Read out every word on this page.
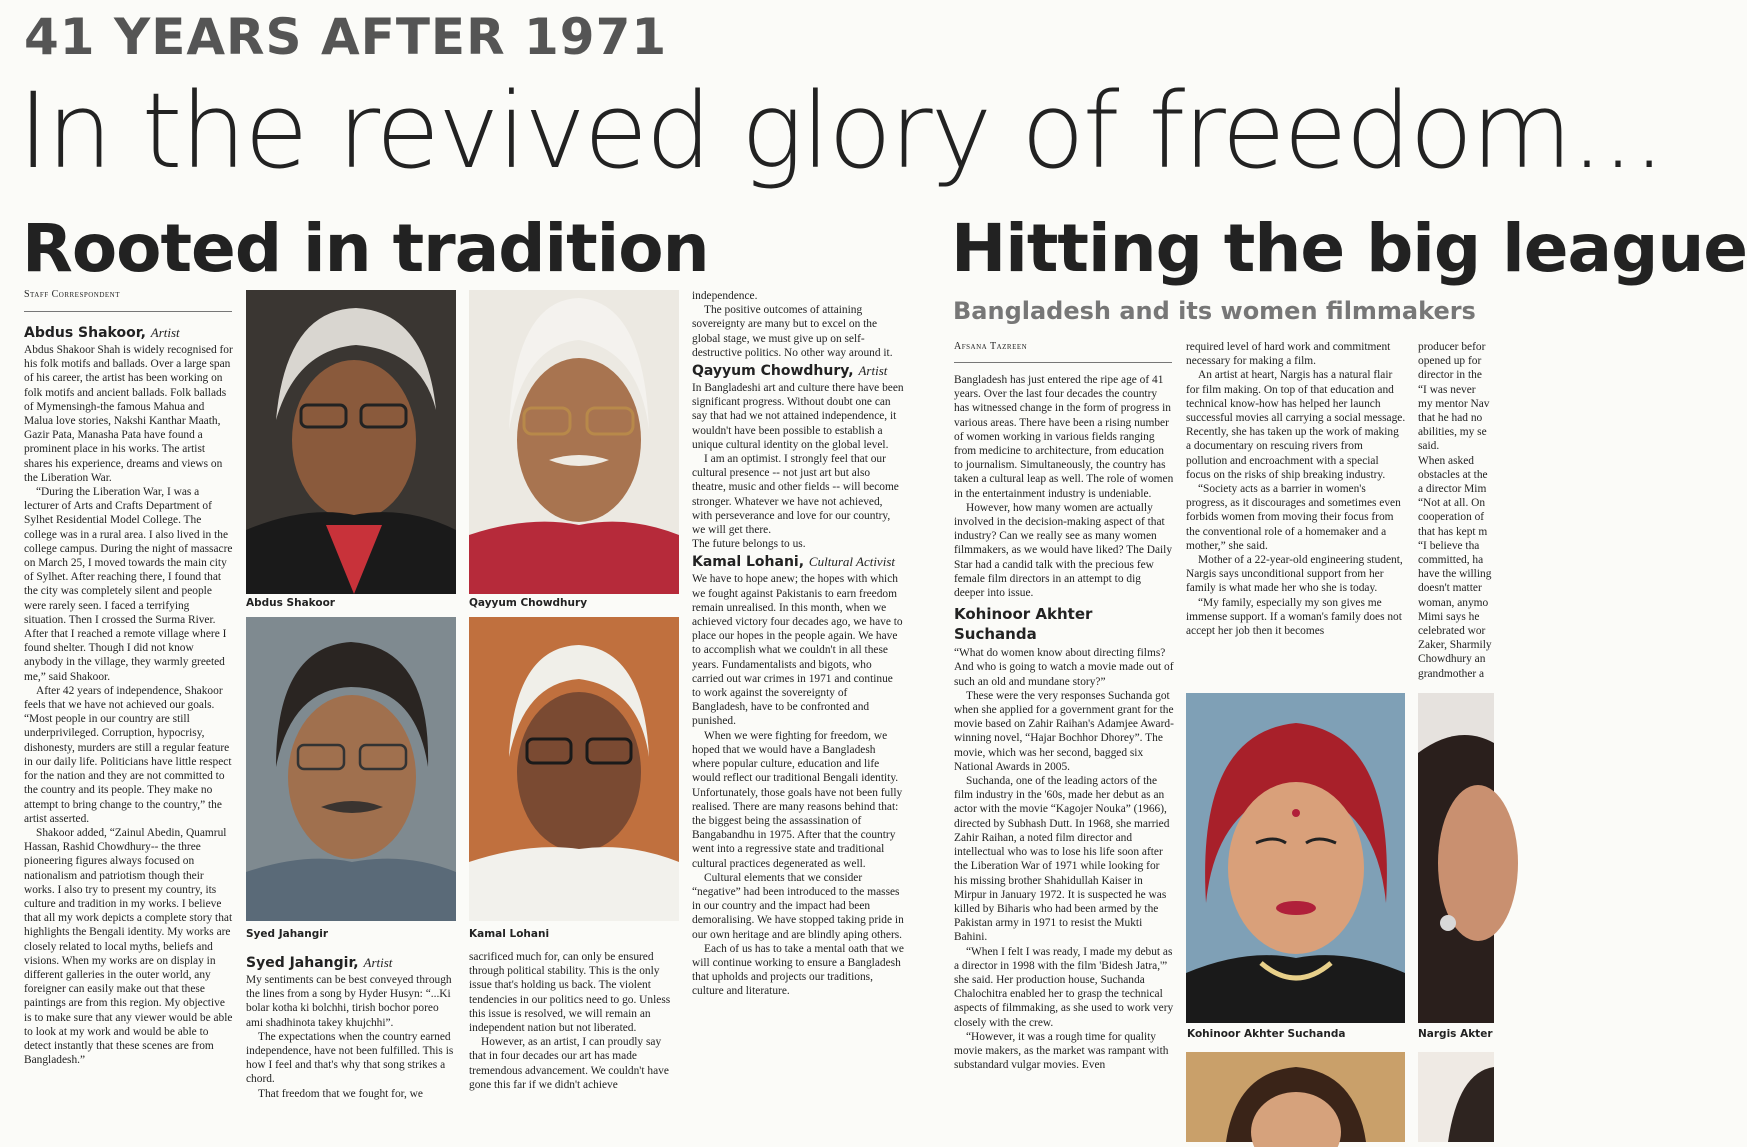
41 YEARS AFTER 1971
In the revived glory of freedom...
Rooted in tradition
Staff Correspondent
Abdus Shakoor, Artist

Abdus Shakoor Shah is widely recognised for his folk motifs and ballads. Over a large span of his career, the artist has been working on folk motifs and ancient ballads. Folk ballads of Mymensingh-the famous Mahua and Malua love stories, Nakshi Kanthar Maath, Gazir Pata, Manasha Pata have found a prominent place in his works. The artist shares his experience, dreams and views on the Liberation War.

“During the Liberation War, I was a lecturer of Arts and Crafts Department of Sylhet Residential Model College. The college was in a rural area. I also lived in the college campus. During the night of massacre on March 25, I moved towards the main city of Sylhet. After reaching there, I found that the city was completely silent and people were rarely seen. I faced a terrifying situation. Then I crossed the Surma River. After that I reached a remote village where I found shelter. Though I did not know anybody in the village, they warmly greeted me,” said Shakoor.

After 42 years of independence, Shakoor feels that we have not achieved our goals. “Most people in our country are still underprivileged. Corruption, hypocrisy, dishonesty, murders are still a regular feature in our daily life. Politicians have little respect for the nation and they are not committed to the country and its people. They make no attempt to bring change to the country,” the artist asserted.

Shakoor added, “Zainul Abedin, Quamrul Hassan, Rashid Chowdhury-- the three pioneering figures always focused on nationalism and patriotism though their works. I also try to present my country, its culture and tradition in my works. I believe that all my work depicts a complete story that highlights the Bengali identity. My works are closely related to local myths, beliefs and visions. When my works are on display in different galleries in the outer world, any foreigner can easily make out that these paintings are from this region. My objective is to make sure that any viewer would be able to look at my work and would be able to detect instantly that these scenes are from Bangladesh.”

Abdus Shakoor	Qayyum Chowdhury
Syed Jahangir	Kamal Lohani
Syed Jahangir, Artist

My sentiments can be best conveyed through the lines from a song by Hyder Husyn: “...Ki bolar kotha ki bolchhi, tirish bochor poreo ami shadhinota takey khujchhi”.

The expectations when the country earned independence, have not been fulfilled. This is how I feel and that's why that song strikes a chord.

That freedom that we fought for, we

sacrificed much for, can only be ensured through political stability. This is the only issue that's holding us back. The violent tendencies in our politics need to go. Unless this issue is resolved, we will remain an independent nation but not liberated.

However, as an artist, I can proudly say that in four decades our art has made tremendous advancement. We couldn't have gone this far if we didn't achieve

independence.

The positive outcomes of attaining sovereignty are many but to excel on the global stage, we must give up on self-destructive politics. No other way around it.

Qayyum Chowdhury, Artist

In Bangladeshi art and culture there have been significant progress. Without doubt one can say that had we not attained independence, it wouldn't have been possible to establish a unique cultural identity on the global level.

I am an optimist. I strongly feel that our cultural presence -- not just art but also theatre, music and other fields -- will become stronger. Whatever we have not achieved, with perseverance and love for our country, we will get there.

The future belongs to us.

Kamal Lohani, Cultural Activist

We have to hope anew; the hopes with which we fought against Pakistanis to earn freedom remain unrealised. In this month, when we achieved victory four decades ago, we have to place our hopes in the people again. We have to accomplish what we couldn't in all these years. Fundamentalists and bigots, who carried out war crimes in 1971 and continue to work against the sovereignty of Bangladesh, have to be confronted and punished.

When we were fighting for freedom, we hoped that we would have a Bangladesh where popular culture, education and life would reflect our traditional Bengali identity. Unfortunately, those goals have not been fully realised. There are many reasons behind that: the biggest being the assassination of Bangabandhu in 1975. After that the country went into a regressive state and traditional cultural practices degenerated as well.

Cultural elements that we consider “negative” had been introduced to the masses in our country and the impact had been demoralising. We have stopped taking pride in our own heritage and are blindly aping others.

Each of us has to take a mental oath that we will continue working to ensure a Bangladesh that upholds and projects our traditions, culture and literature.

Hitting the big league
Bangladesh and its women filmmakers
Afsana Tazreen

Bangladesh has just entered the ripe age of 41 years. Over the last four decades the country has witnessed change in the form of progress in various areas. There have been a rising number of women working in various fields ranging from medicine to architecture, from education to journalism. Simultaneously, the country has taken a cultural leap as well. The role of women in the entertainment industry is undeniable.

However, how many women are actually involved in the decision-making aspect of that industry? Can we really see as many women filmmakers, as we would have liked? The Daily Star had a candid talk with the precious few female film directors in an attempt to dig deeper into issue.

Kohinoor Akhter Suchanda

“What do women know about directing films? And who is going to watch a movie made out of such an old and mundane story?”

These were the very responses Suchanda got when she applied for a government grant for the movie based on Zahir Raihan's Adamjee Award-winning novel, “Hajar Bochhor Dhorey”. The movie, which was her second, bagged six National Awards in 2005.

Suchanda, one of the leading actors of the film industry in the '60s, made her debut as an actor with the movie “Kagojer Nouka” (1966), directed by Subhash Dutt. In 1968, she married Zahir Raihan, a noted film director and intellectual who was to lose his life soon after the Liberation War of 1971 while looking for his missing brother Shahidullah Kaiser in Mirpur in January 1972. It is suspected he was killed by Biharis who had been armed by the Pakistan army in 1971 to resist the Mukti Bahini.

“When I felt I was ready, I made my debut as a director in 1998 with the film 'Bidesh Jatra,'” she said. Her production house, Suchanda Chalochitra enabled her to grasp the technical aspects of filmmaking, as she used to work very closely with the crew.

“However, it was a rough time for quality movie makers, as the market was rampant with substandard vulgar movies. Even

required level of hard work and commitment necessary for making a film.

An artist at heart, Nargis has a natural flair for film making. On top of that education and technical know-how has helped her launch successful movies all carrying a social message. Recently, she has taken up the work of making a documentary on rescuing rivers from pollution and encroachment with a special focus on the risks of ship breaking industry.

“Society acts as a barrier in women's progress, as it discourages and sometimes even forbids women from moving their focus from the conventional role of a homemaker and a mother,” she said.

Mother of a 22-year-old engineering student, Nargis says unconditional support from her family is what made her who she is today.

“My family, especially my son gives me immense support. If a woman's family does not accept her job then it becomes

producer befor
opened up for
director in the
“I was never
my mentor Nav
that he had no
abilities, my se
said.
When asked
obstacles at the
a director Mim
“Not at all. On
cooperation of
that has kept m
“I believe tha
committed, ha
have the willing
doesn't matter
woman, anymo
Mimi says he
celebrated wor
Zaker, Sharmily
Chowdhury an
grandmother a
Kohinoor Akhter Suchanda	Nargis Akter
